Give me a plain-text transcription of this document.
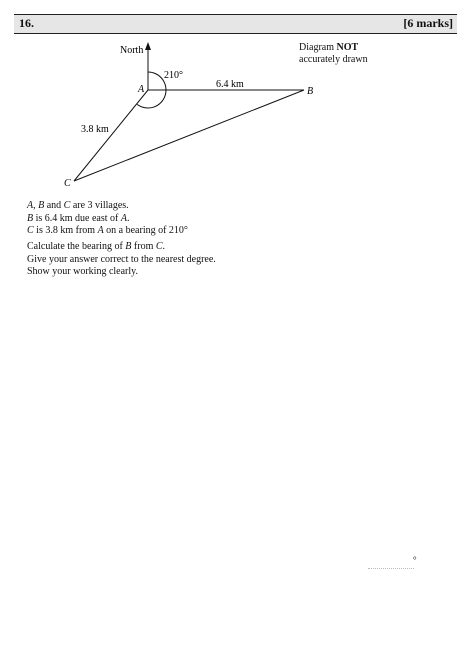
16.	[6 marks]
North
210°
A	B
C
6.4 km
3.8 km
Diagram NOT
accurately drawn

A, B and C are 3 villages.

B is 6.4 km due east of A.

C is 3.8 km from A on a bearing of 210°

Calculate the bearing of B from C.

Give your answer correct to the nearest degree.

Show your working clearly.

°
